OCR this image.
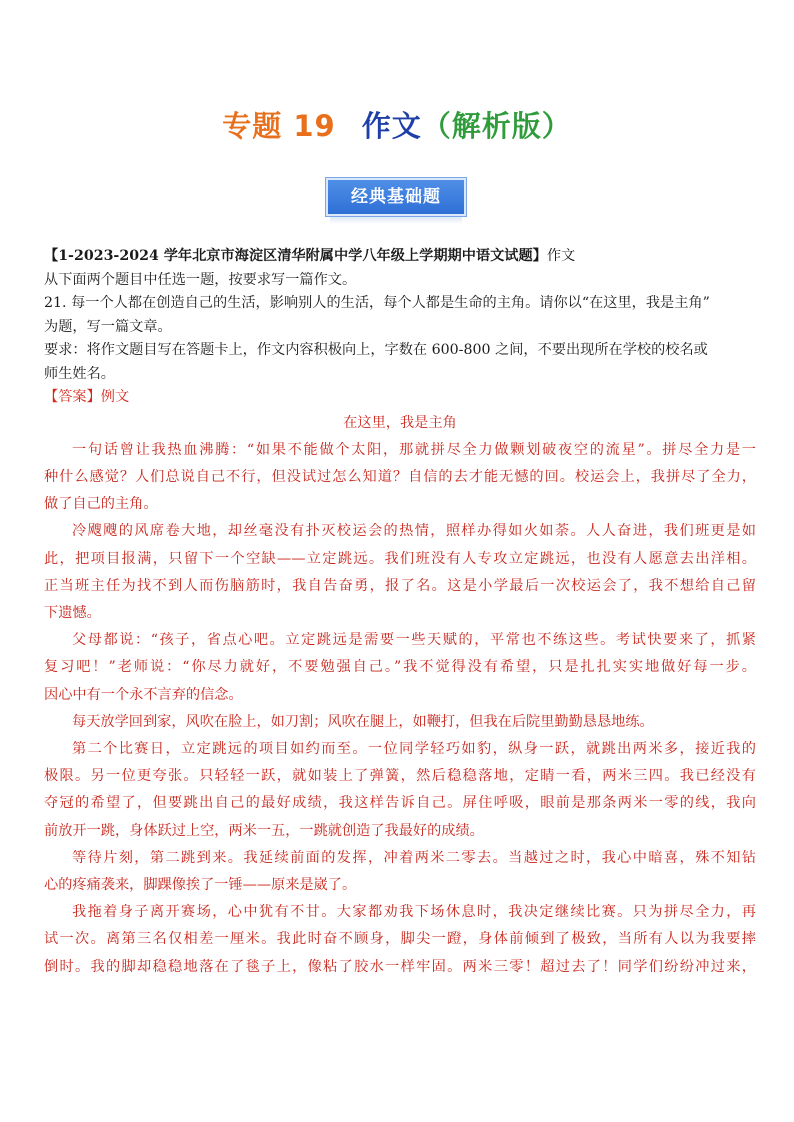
专题 19 作文（解析版）
经典基础题
【1-2023-2024 学年北京市海淀区清华附属中学八年级上学期期中语文试题】作文
从下面两个题目中任选一题，按要求写一篇作文。
21. 每一个人都在创造自己的生活，影响别人的生活，每个人都是生命的主角。请你以“在这里，我是主角”
为题，写一篇文章。
要求：将作文题目写在答题卡上，作文内容积极向上，字数在 600-800 之间，不要出现所在学校的校名或
师生姓名。
【答案】例文
在这里，我是主角
一句话曾让我热血沸腾：“如果不能做个太阳，那就拼尽全力做颗划破夜空的流星”。拼尽全力是一
种什么感觉？人们总说自己不行，但没试过怎么知道？自信的去才能无憾的回。校运会上，我拼尽了全力，
做了自己的主角。
冷飕飕的风席卷大地，却丝毫没有扑灭校运会的热情，照样办得如火如荼。人人奋进，我们班更是如
此，把项目报满，只留下一个空缺——立定跳远。我们班没有人专攻立定跳远，也没有人愿意去出洋相。
正当班主任为找不到人而伤脑筋时，我自告奋勇，报了名。这是小学最后一次校运会了，我不想给自己留
下遗憾。
父母都说：“孩子，省点心吧。立定跳远是需要一些天赋的，平常也不练这些。考试快要来了，抓紧
复习吧！”老师说：“你尽力就好，不要勉强自己。”我不觉得没有希望，只是扎扎实实地做好每一步。
因心中有一个永不言弃的信念。
每天放学回到家，风吹在脸上，如刀割；风吹在腿上，如鞭打，但我在后院里勤勤恳恳地练。
第二个比赛日，立定跳远的项目如约而至。一位同学轻巧如豹，纵身一跃，就跳出两米多，接近我的
极限。另一位更夸张。只轻轻一跃，就如装上了弹簧，然后稳稳落地，定睛一看，两米三四。我已经没有
夺冠的希望了，但要跳出自己的最好成绩，我这样告诉自己。屏住呼吸，眼前是那条两米一零的线，我向
前放开一跳，身体跃过上空，两米一五，一跳就创造了我最好的成绩。
等待片刻，第二跳到来。我延续前面的发挥，冲着两米二零去。当越过之时，我心中暗喜，殊不知钻
心的疼痛袭来，脚踝像挨了一锤——原来是崴了。
我拖着身子离开赛场，心中犹有不甘。大家都劝我下场休息时，我决定继续比赛。只为拼尽全力，再
试一次。离第三名仅相差一厘米。我此时奋不顾身，脚尖一蹬，身体前倾到了极致，当所有人以为我要摔
倒时。我的脚却稳稳地落在了毯子上，像粘了胶水一样牢固。两米三零！超过去了！同学们纷纷冲过来，
